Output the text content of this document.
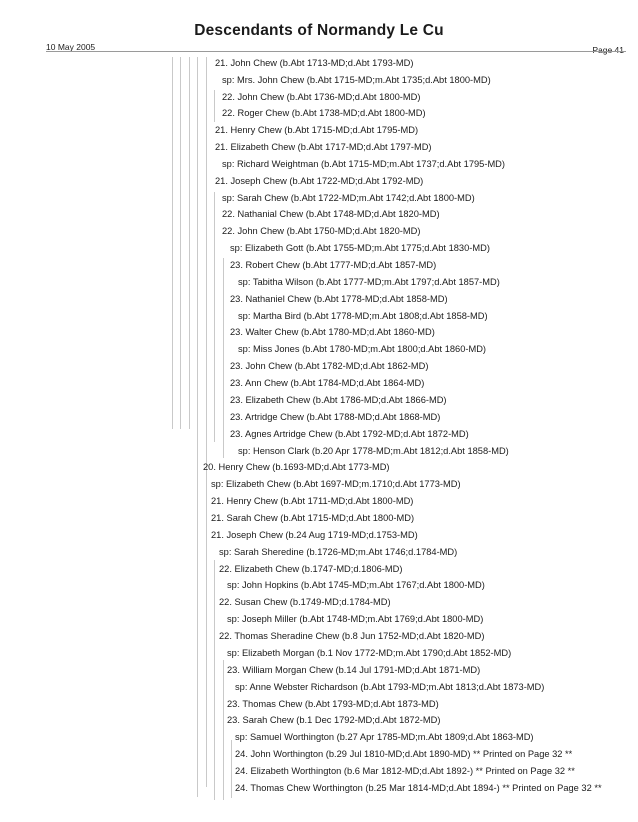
Descendants of Normandy Le Cu
10 May 2005	Page 41
21. John Chew (b.Abt 1713-MD;d.Abt 1793-MD)
sp: Mrs. John Chew (b.Abt 1715-MD;m.Abt 1735;d.Abt 1800-MD)
22. John Chew (b.Abt 1736-MD;d.Abt 1800-MD)
22. Roger Chew (b.Abt 1738-MD;d.Abt 1800-MD)
21. Henry Chew (b.Abt 1715-MD;d.Abt 1795-MD)
21. Elizabeth Chew (b.Abt 1717-MD;d.Abt 1797-MD)
sp: Richard Weightman (b.Abt 1715-MD;m.Abt 1737;d.Abt 1795-MD)
21. Joseph Chew (b.Abt 1722-MD;d.Abt 1792-MD)
sp: Sarah Chew (b.Abt 1722-MD;m.Abt 1742;d.Abt 1800-MD)
22. Nathanial Chew (b.Abt 1748-MD;d.Abt 1820-MD)
22. John Chew (b.Abt 1750-MD;d.Abt 1820-MD)
sp: Elizabeth Gott (b.Abt 1755-MD;m.Abt 1775;d.Abt 1830-MD)
23. Robert Chew (b.Abt 1777-MD;d.Abt 1857-MD)
sp: Tabitha Wilson (b.Abt 1777-MD;m.Abt 1797;d.Abt 1857-MD)
23. Nathaniel Chew (b.Abt 1778-MD;d.Abt 1858-MD)
sp: Martha Bird (b.Abt 1778-MD;m.Abt 1808;d.Abt 1858-MD)
23. Walter Chew (b.Abt 1780-MD;d.Abt 1860-MD)
sp: Miss Jones (b.Abt 1780-MD;m.Abt 1800;d.Abt 1860-MD)
23. John Chew (b.Abt 1782-MD;d.Abt 1862-MD)
23. Ann Chew (b.Abt 1784-MD;d.Abt 1864-MD)
23. Elizabeth Chew (b.Abt 1786-MD;d.Abt 1866-MD)
23. Artridge Chew (b.Abt 1788-MD;d.Abt 1868-MD)
23. Agnes Artridge Chew (b.Abt 1792-MD;d.Abt 1872-MD)
sp: Henson Clark (b.20 Apr 1778-MD;m.Abt 1812;d.Abt 1858-MD)
20. Henry Chew (b.1693-MD;d.Abt 1773-MD)
sp: Elizabeth Chew (b.Abt 1697-MD;m.1710;d.Abt 1773-MD)
21. Henry Chew (b.Abt 1711-MD;d.Abt 1800-MD)
21. Sarah Chew (b.Abt 1715-MD;d.Abt 1800-MD)
21. Joseph Chew (b.24 Aug 1719-MD;d.1753-MD)
sp: Sarah Sheredine (b.1726-MD;m.Abt 1746;d.1784-MD)
22. Elizabeth Chew (b.1747-MD;d.1806-MD)
sp: John Hopkins (b.Abt 1745-MD;m.Abt 1767;d.Abt 1800-MD)
22. Susan Chew (b.1749-MD;d.1784-MD)
sp: Joseph Miller (b.Abt 1748-MD;m.Abt 1769;d.Abt 1800-MD)
22. Thomas Sheradine Chew (b.8 Jun 1752-MD;d.Abt 1820-MD)
sp: Elizabeth Morgan (b.1 Nov 1772-MD;m.Abt 1790;d.Abt 1852-MD)
23. William Morgan Chew (b.14 Jul 1791-MD;d.Abt 1871-MD)
sp: Anne Webster Richardson (b.Abt 1793-MD;m.Abt 1813;d.Abt 1873-MD)
23. Thomas Chew (b.Abt 1793-MD;d.Abt 1873-MD)
23. Sarah Chew (b.1 Dec 1792-MD;d.Abt 1872-MD)
sp: Samuel Worthington (b.27 Apr 1785-MD;m.Abt 1809;d.Abt 1863-MD)
24. John Worthington (b.29 Jul 1810-MD;d.Abt 1890-MD) ** Printed on Page 32 **
24. Elizabeth Worthington (b.6 Mar 1812-MD;d.Abt 1892-) ** Printed on Page 32 **
24. Thomas Chew Worthington (b.25 Mar 1814-MD;d.Abt 1894-) ** Printed on Page 32 **
